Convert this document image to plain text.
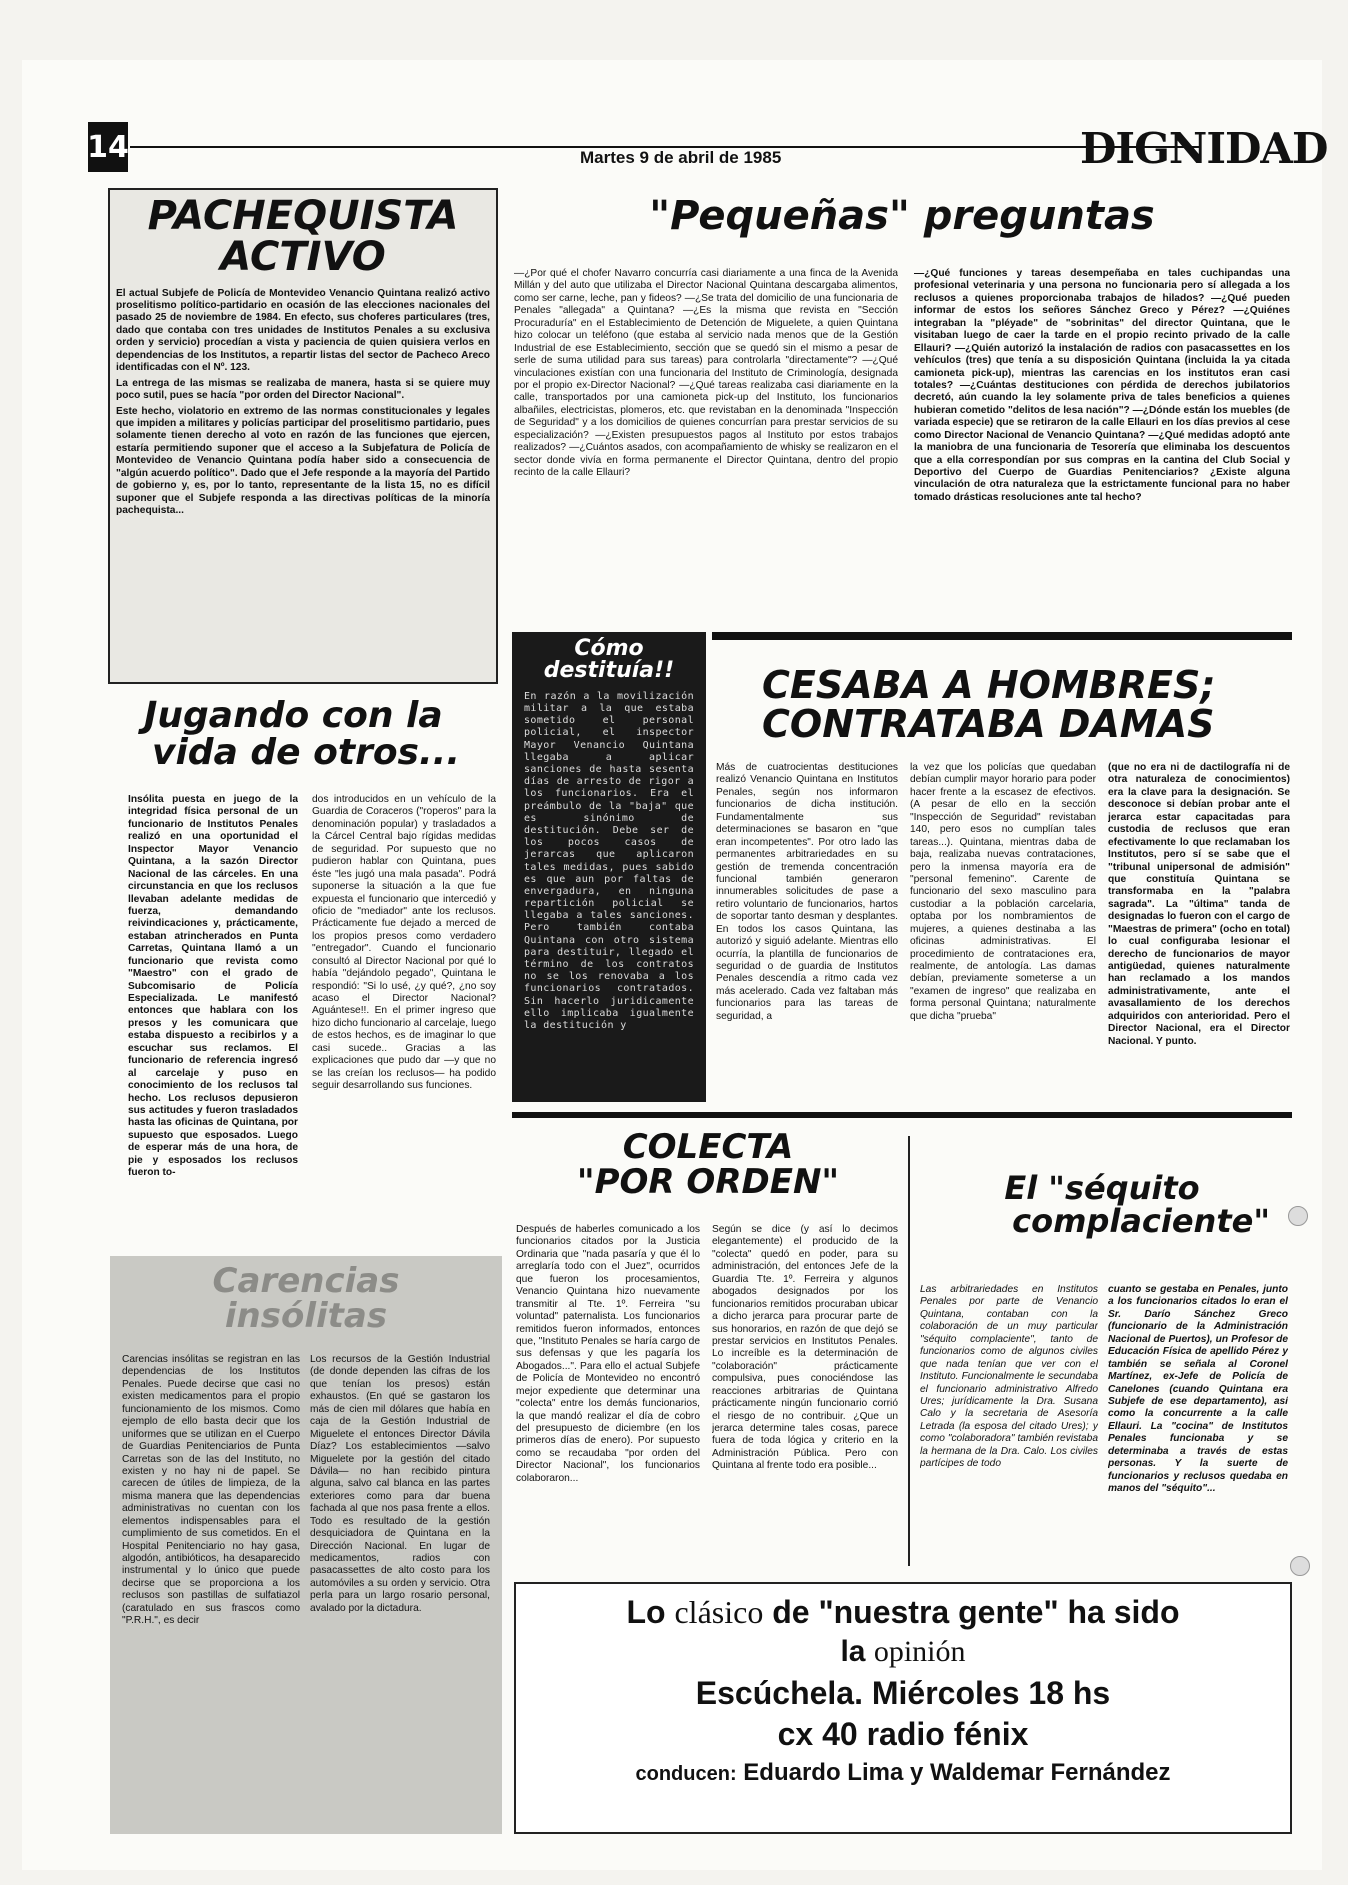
14	Martes 9 de abril de 1985	DIGNIDAD
PACHEQUISTA
ACTIVO

El actual Subjefe de Policía de Montevideo Venancio Quintana realizó activo proselitismo político-partidario en ocasión de las elecciones nacionales del pasado 25 de noviembre de 1984. En efecto, sus choferes particulares (tres, dado que contaba con tres unidades de Institutos Penales a su exclusiva orden y servicio) procedían a vista y paciencia de quien quisiera verlos en dependencias de los Institutos, a repartir listas del sector de Pacheco Areco identificadas con el Nº. 123.

La entrega de las mismas se realizaba de manera, hasta si se quiere muy poco sutil, pues se hacía "por orden del Director Nacional".

Este hecho, violatorio en extremo de las normas constitucionales y legales que impiden a militares y policías participar del proselitismo partidario, pues solamente tienen derecho al voto en razón de las funciones que ejercen, estaría permitiendo suponer que el acceso a la Subjefatura de Policía de Montevideo de Venancio Quintana podía haber sido a consecuencia de "algún acuerdo político". Dado que el Jefe responde a la mayoría del Partido de gobierno y, es, por lo tanto, representante de la lista 15, no es difícil suponer que el Subjefe responda a las directivas políticas de la minoría pachequista...

Jugando con la
vida de otros...
Insólita puesta en juego de la integridad física personal de un funcionario de Institutos Penales realizó en una oportunidad el Inspector Mayor Venancio Quintana, a la sazón Director Nacional de las cárceles. En una circunstancia en que los reclusos llevaban adelante medidas de fuerza, demandando reivindicaciones y, prácticamente, estaban atrincherados en Punta Carretas, Quintana llamó a un funcionario que revista como "Maestro" con el grado de Subcomisario de Policía Especializada. Le manifestó entonces que hablara con los presos y les comunicara que estaba dispuesto a recibirlos y a escuchar sus reclamos. El funcionario de referencia ingresó al carcelaje y puso en conocimiento de los reclusos tal hecho. Los reclusos depusieron sus actitudes y fueron trasladados hasta las oficinas de Quintana, por supuesto que esposados. Luego de esperar más de una hora, de pie y esposados los reclusos fueron to-
dos introducidos en un vehículo de la Guardia de Coraceros ("roperos" para la denominación popular) y trasladados a la Cárcel Central bajo rígidas medidas de seguridad. Por supuesto que no pudieron hablar con Quintana, pues éste "les jugó una mala pasada". Podrá suponerse la situación a la que fue expuesta el funcionario que intercedió y oficio de "mediador" ante los reclusos. Prácticamente fue dejado a merced de los propios presos como verdadero "entregador". Cuando el funcionario consultó al Director Nacional por qué lo había "dejándolo pegado", Quintana le respondió: "Si lo usé, ¿y qué?, ¿no soy acaso el Director Nacional? Aguántese!!. En el primer ingreso que hizo dicho funcionario al carcelaje, luego de estos hechos, es de imaginar lo que casi sucede.. Gracias a las explicaciones que pudo dar —y que no se las creían los reclusos— ha podido seguir desarrollando sus funciones.
Carencias
insólitas
Carencias insólitas se registran en las dependencias de los Institutos Penales. Puede decirse que casi no existen medicamentos para el propio funcionamiento de los mismos. Como ejemplo de ello basta decir que los uniformes que se utilizan en el Cuerpo de Guardias Penitenciarios de Punta Carretas son de las del Instituto, no existen y no hay ni de papel. Se carecen de útiles de limpieza, de la misma manera que las dependencias administrativas no cuentan con los elementos indispensables para el cumplimiento de sus cometidos. En el Hospital Penitenciario no hay gasa, algodón, antibióticos, ha desaparecido instrumental y lo único que puede decirse que se proporciona a los reclusos son pastillas de sulfatiazol (caratulado en sus frascos como "P.R.H.", es decir
Los recursos de la Gestión Industrial (de donde dependen las cifras de los que tenían los presos) están exhaustos. (En qué se gastaron los más de cien mil dólares que había en caja de la Gestión Industrial de Miguelete el entonces Director Dávila Díaz? Los establecimientos —salvo Miguelete por la gestión del citado Dávila— no han recibido pintura alguna, salvo cal blanca en las partes exteriores como para dar buena fachada al que nos pasa frente a ellos. Todo es resultado de la gestión desquiciadora de Quintana en la Dirección Nacional. En lugar de medicamentos, radios con pasacassettes de alto costo para los automóviles a su orden y servicio. Otra perla para un largo rosario personal, avalado por la dictadura.
"Pequeñas" preguntas
—¿Por qué el chofer Navarro concurría casi diariamente a una finca de la Avenida Millán y del auto que utilizaba el Director Nacional Quintana descargaba alimentos, como ser carne, leche, pan y fideos? —¿Se trata del domicilio de una funcionaria de Penales "allegada" a Quintana? —¿Es la misma que revista en "Sección Procuraduría" en el Establecimiento de Detención de Miguelete, a quien Quintana hizo colocar un teléfono (que estaba al servicio nada menos que de la Gestión Industrial de ese Establecimiento, sección que se quedó sin el mismo a pesar de serle de suma utilidad para sus tareas) para controlarla "directamente"? —¿Qué vinculaciones existían con una funcionaria del Instituto de Criminología, designada por el propio ex-Director Nacional? —¿Qué tareas realizaba casi diariamente en la calle, transportados por una camioneta pick-up del Instituto, los funcionarios albañiles, electricistas, plomeros, etc. que revistaban en la denominada "Inspección de Seguridad" y a los domicilios de quienes concurrían para prestar servicios de su especialización? —¿Existen presupuestos pagos al Instituto por estos trabajos realizados? —¿Cuántos asados, con acompañamiento de whisky se realizaron en el sector donde vivía en forma permanente el Director Quintana, dentro del propio recinto de la calle Ellauri?
—¿Qué funciones y tareas desempeñaba en tales cuchipandas una profesional veterinaria y una persona no funcionaria pero sí allegada a los reclusos a quienes proporcionaba trabajos de hilados? —¿Qué pueden informar de estos los señores Sánchez Greco y Pérez? —¿Quiénes integraban la "pléyade" de "sobrinitas" del director Quintana, que le visitaban luego de caer la tarde en el propio recinto privado de la calle Ellauri? —¿Quién autorizó la instalación de radios con pasacassettes en los vehículos (tres) que tenía a su disposición Quintana (incluida la ya citada camioneta pick-up), mientras las carencias en los institutos eran casi totales? —¿Cuántas destituciones con pérdida de derechos jubilatorios decretó, aún cuando la ley solamente priva de tales beneficios a quienes hubieran cometido "delitos de lesa nación"? —¿Dónde están los muebles (de variada especie) que se retiraron de la calle Ellauri en los días previos al cese como Director Nacional de Venancio Quintana? —¿Qué medidas adoptó ante la maniobra de una funcionaria de Tesorería que eliminaba los descuentos que a ella correspondían por sus compras en la cantina del Club Social y Deportivo del Cuerpo de Guardias Penitenciarios? ¿Existe alguna vinculación de otra naturaleza que la estrictamente funcional para no haber tomado drásticas resoluciones ante tal hecho?
Cómo
destituía!!
En razón a la movilización militar a la que estaba sometido el personal policial, el inspector Mayor Venancio Quintana llegaba a aplicar sanciones de hasta sesenta días de arresto de rigor a los funcionarios. Era el preámbulo de la "baja" que es sinónimo de destitución. Debe ser de los pocos casos de jerarcas que aplicaron tales medidas, pues sabido es que aun por faltas de envergadura, en ninguna repartición policial se llegaba a tales sanciones. Pero también contaba Quintana con otro sistema para destituir, llegado el término de los contratos no se los renovaba a los funcionarios contratados. Sin hacerlo juridicamente ello implicaba igualmente la destitución y
CESABA A HOMBRES;
CONTRATABA DAMAS
Más de cuatrocientas destituciones realizó Venancio Quintana en Institutos Penales, según nos informaron funcionarios de dicha institución. Fundamentalmente sus determinaciones se basaron en "que eran incompetentes". Por otro lado las permanentes arbitrariedades en su gestión de tremenda concentración funcional también generaron innumerables solicitudes de pase a retiro voluntario de funcionarios, hartos de soportar tanto desman y desplantes. En todos los casos Quintana, las autorizó y siguió adelante. Mientras ello ocurría, la plantilla de funcionarios de seguridad o de guardia de Institutos Penales descendía a ritmo cada vez más acelerado. Cada vez faltaban más funcionarios para las tareas de seguridad, a
la vez que los policías que quedaban debían cumplir mayor horario para poder hacer frente a la escasez de efectivos. (A pesar de ello en la sección "Inspección de Seguridad" revistaban 140, pero esos no cumplían tales tareas...). Quintana, mientras daba de baja, realizaba nuevas contrataciones, pero la inmensa mayoría era de "personal femenino". Carente de funcionario del sexo masculino para custodiar a la población carcelaria, optaba por los nombramientos de mujeres, a quienes destinaba a las oficinas administrativas. El procedimiento de contrataciones era, realmente, de antología. Las damas debían, previamente someterse a un "examen de ingreso" que realizaba en forma personal Quintana; naturalmente que dicha "prueba"
(que no era ni de dactilografía ni de otra naturaleza de conocimientos) era la clave para la designación. Se desconoce si debían probar ante el jerarca estar capacitadas para custodia de reclusos que eran efectivamente lo que reclamaban los Institutos, pero sí se sabe que el "tribunal unipersonal de admisión" que constituía Quintana se transformaba en la "palabra sagrada". La "última" tanda de designadas lo fueron con el cargo de "Maestras de primera" (ocho en total) lo cual configuraba lesionar el derecho de funcionarios de mayor antigüedad, quienes naturalmente han reclamado a los mandos administrativamente, ante el avasallamiento de los derechos adquiridos con anterioridad. Pero el Director Nacional, era el Director Nacional. Y punto.
COLECTA
"POR ORDEN"
Después de haberles comunicado a los funcionarios citados por la Justicia Ordinaria que "nada pasaría y que él lo arreglaría todo con el Juez", ocurridos que fueron los procesamientos, Venancio Quintana hizo nuevamente transmitir al Tte. 1º. Ferreira "su voluntad" paternalista. Los funcionarios remitidos fueron informados, entonces que, "Instituto Penales se haría cargo de sus defensas y que les pagaría los Abogados...". Para ello el actual Subjefe de Policía de Montevideo no encontró mejor expediente que determinar una "colecta" entre los demás funcionarios, la que mandó realizar el día de cobro del presupuesto de diciembre (en los primeros días de enero). Por supuesto como se recaudaba "por orden del Director Nacional", los funcionarios colaboraron...
Según se dice (y así lo decimos elegantemente) el producido de la "colecta" quedó en poder, para su administración, del entonces Jefe de la Guardia Tte. 1º. Ferreira y algunos abogados designados por los funcionarios remitidos procuraban ubicar a dicho jerarca para procurar parte de sus honorarios, en razón de que dejó se prestar servicios en Institutos Penales. Lo increíble es la determinación de "colaboración" prácticamente compulsiva, pues conociéndose las reacciones arbitrarias de Quintana prácticamente ningún funcionario corrió el riesgo de no contribuir. ¿Que un jerarca determine tales cosas, parece fuera de toda lógica y criterio en la Administración Pública. Pero con Quintana al frente todo era posible...
El "séquito
complaciente"
Las arbitrariedades en Institutos Penales por parte de Venancio Quintana, contaban con la colaboración de un muy particular "séquito complaciente", tanto de funcionarios como de algunos civiles que nada tenían que ver con el Instituto. Funcionalmente le secundaba el funcionario administrativo Alfredo Ures; jurídicamente la Dra. Susana Calo y la secretaria de Asesoría Letrada (la esposa del citado Ures); y como "colaboradora" también revistaba la hermana de la Dra. Calo. Los civiles partícipes de todo
cuanto se gestaba en Penales, junto a los funcionarios citados lo eran el Sr. Darío Sánchez Greco (funcionario de la Administración Nacional de Puertos), un Profesor de Educación Física de apellido Pérez y también se señala al Coronel Martínez, ex-Jefe de Policía de Canelones (cuando Quintana era Subjefe de ese departamento), así como la concurrente a la calle Ellauri. La "cocina" de Institutos Penales funcionaba y se determinaba a través de estas personas. Y la suerte de funcionarios y reclusos quedaba en manos del "séquito"...
Lo clásico de "nuestra gente" ha sido
la opinión
Escúchela. Miércoles 18 hs
cx 40 radio fénix
conducen: Eduardo Lima y Waldemar Fernández
